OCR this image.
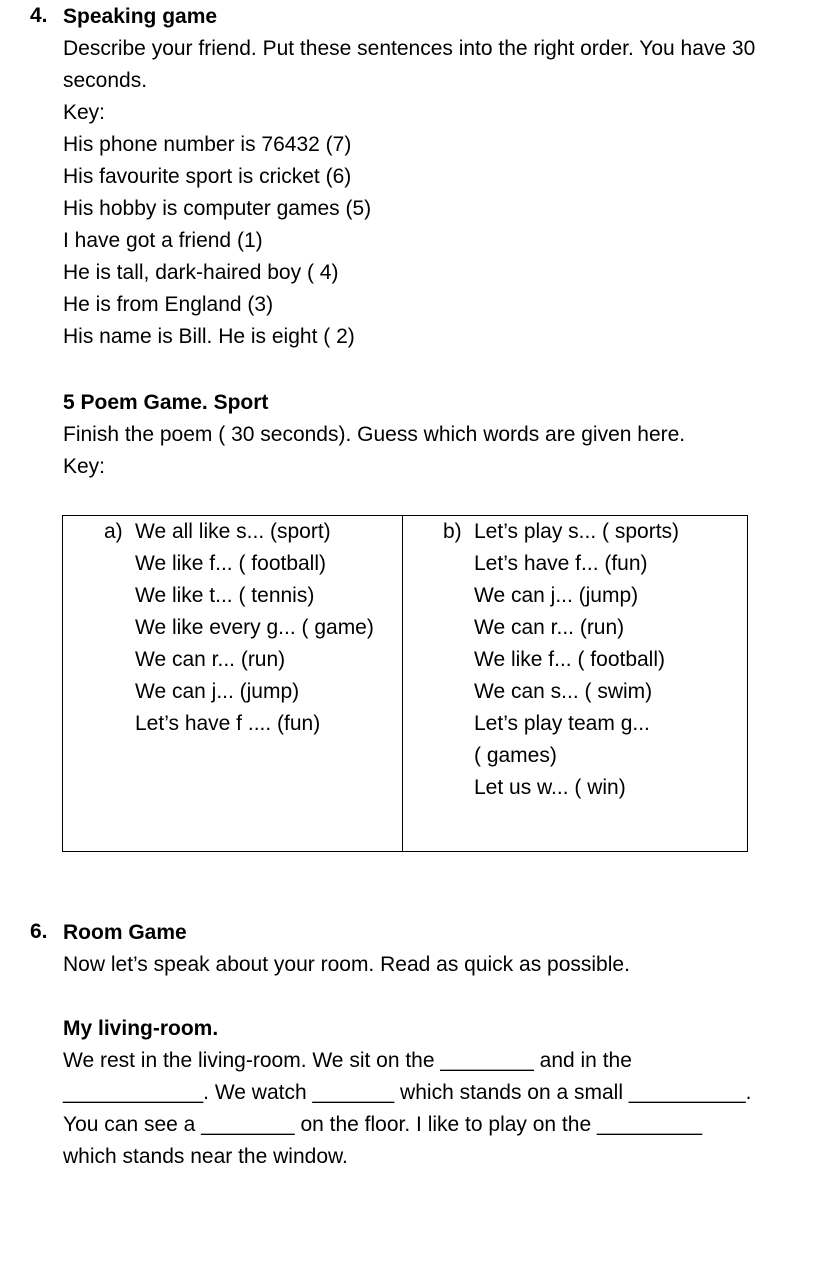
4. Speaking game
Describe your friend. Put these sentences into the right order. You have 30
seconds.
Key:
His phone number is 76432 (7)
His favourite sport is cricket (6)
His hobby is computer games (5)
I have got a friend (1)
He is tall, dark-haired boy ( 4)
He is from England (3)
His name is Bill. He is eight ( 2)
5 Poem Game. Sport
Finish the poem ( 30 seconds). Guess which words are given here.
Key:
a) We all like s... (sport)
We like f... ( football)
We like t... ( tennis)
We like every g... ( game)
We can r... (run)
We can j... (jump)
Let’s have f .... (fun)

b) Let’s play s... ( sports)
Let’s have f... (fun)
We can j... (jump)
We can r... (run)
We like f... ( football)
We can s... ( swim)
Let’s play team g...
( games)
Let us w... ( win)
6. Room Game
Now let’s speak about your room. Read as quick as possible.
My living-room.
We rest in the living-room. We sit on the ________ and in the
____________. We watch _______ which stands on a small __________.
You can see a ________ on the floor. I like to play on the _________
which stands near the window.
